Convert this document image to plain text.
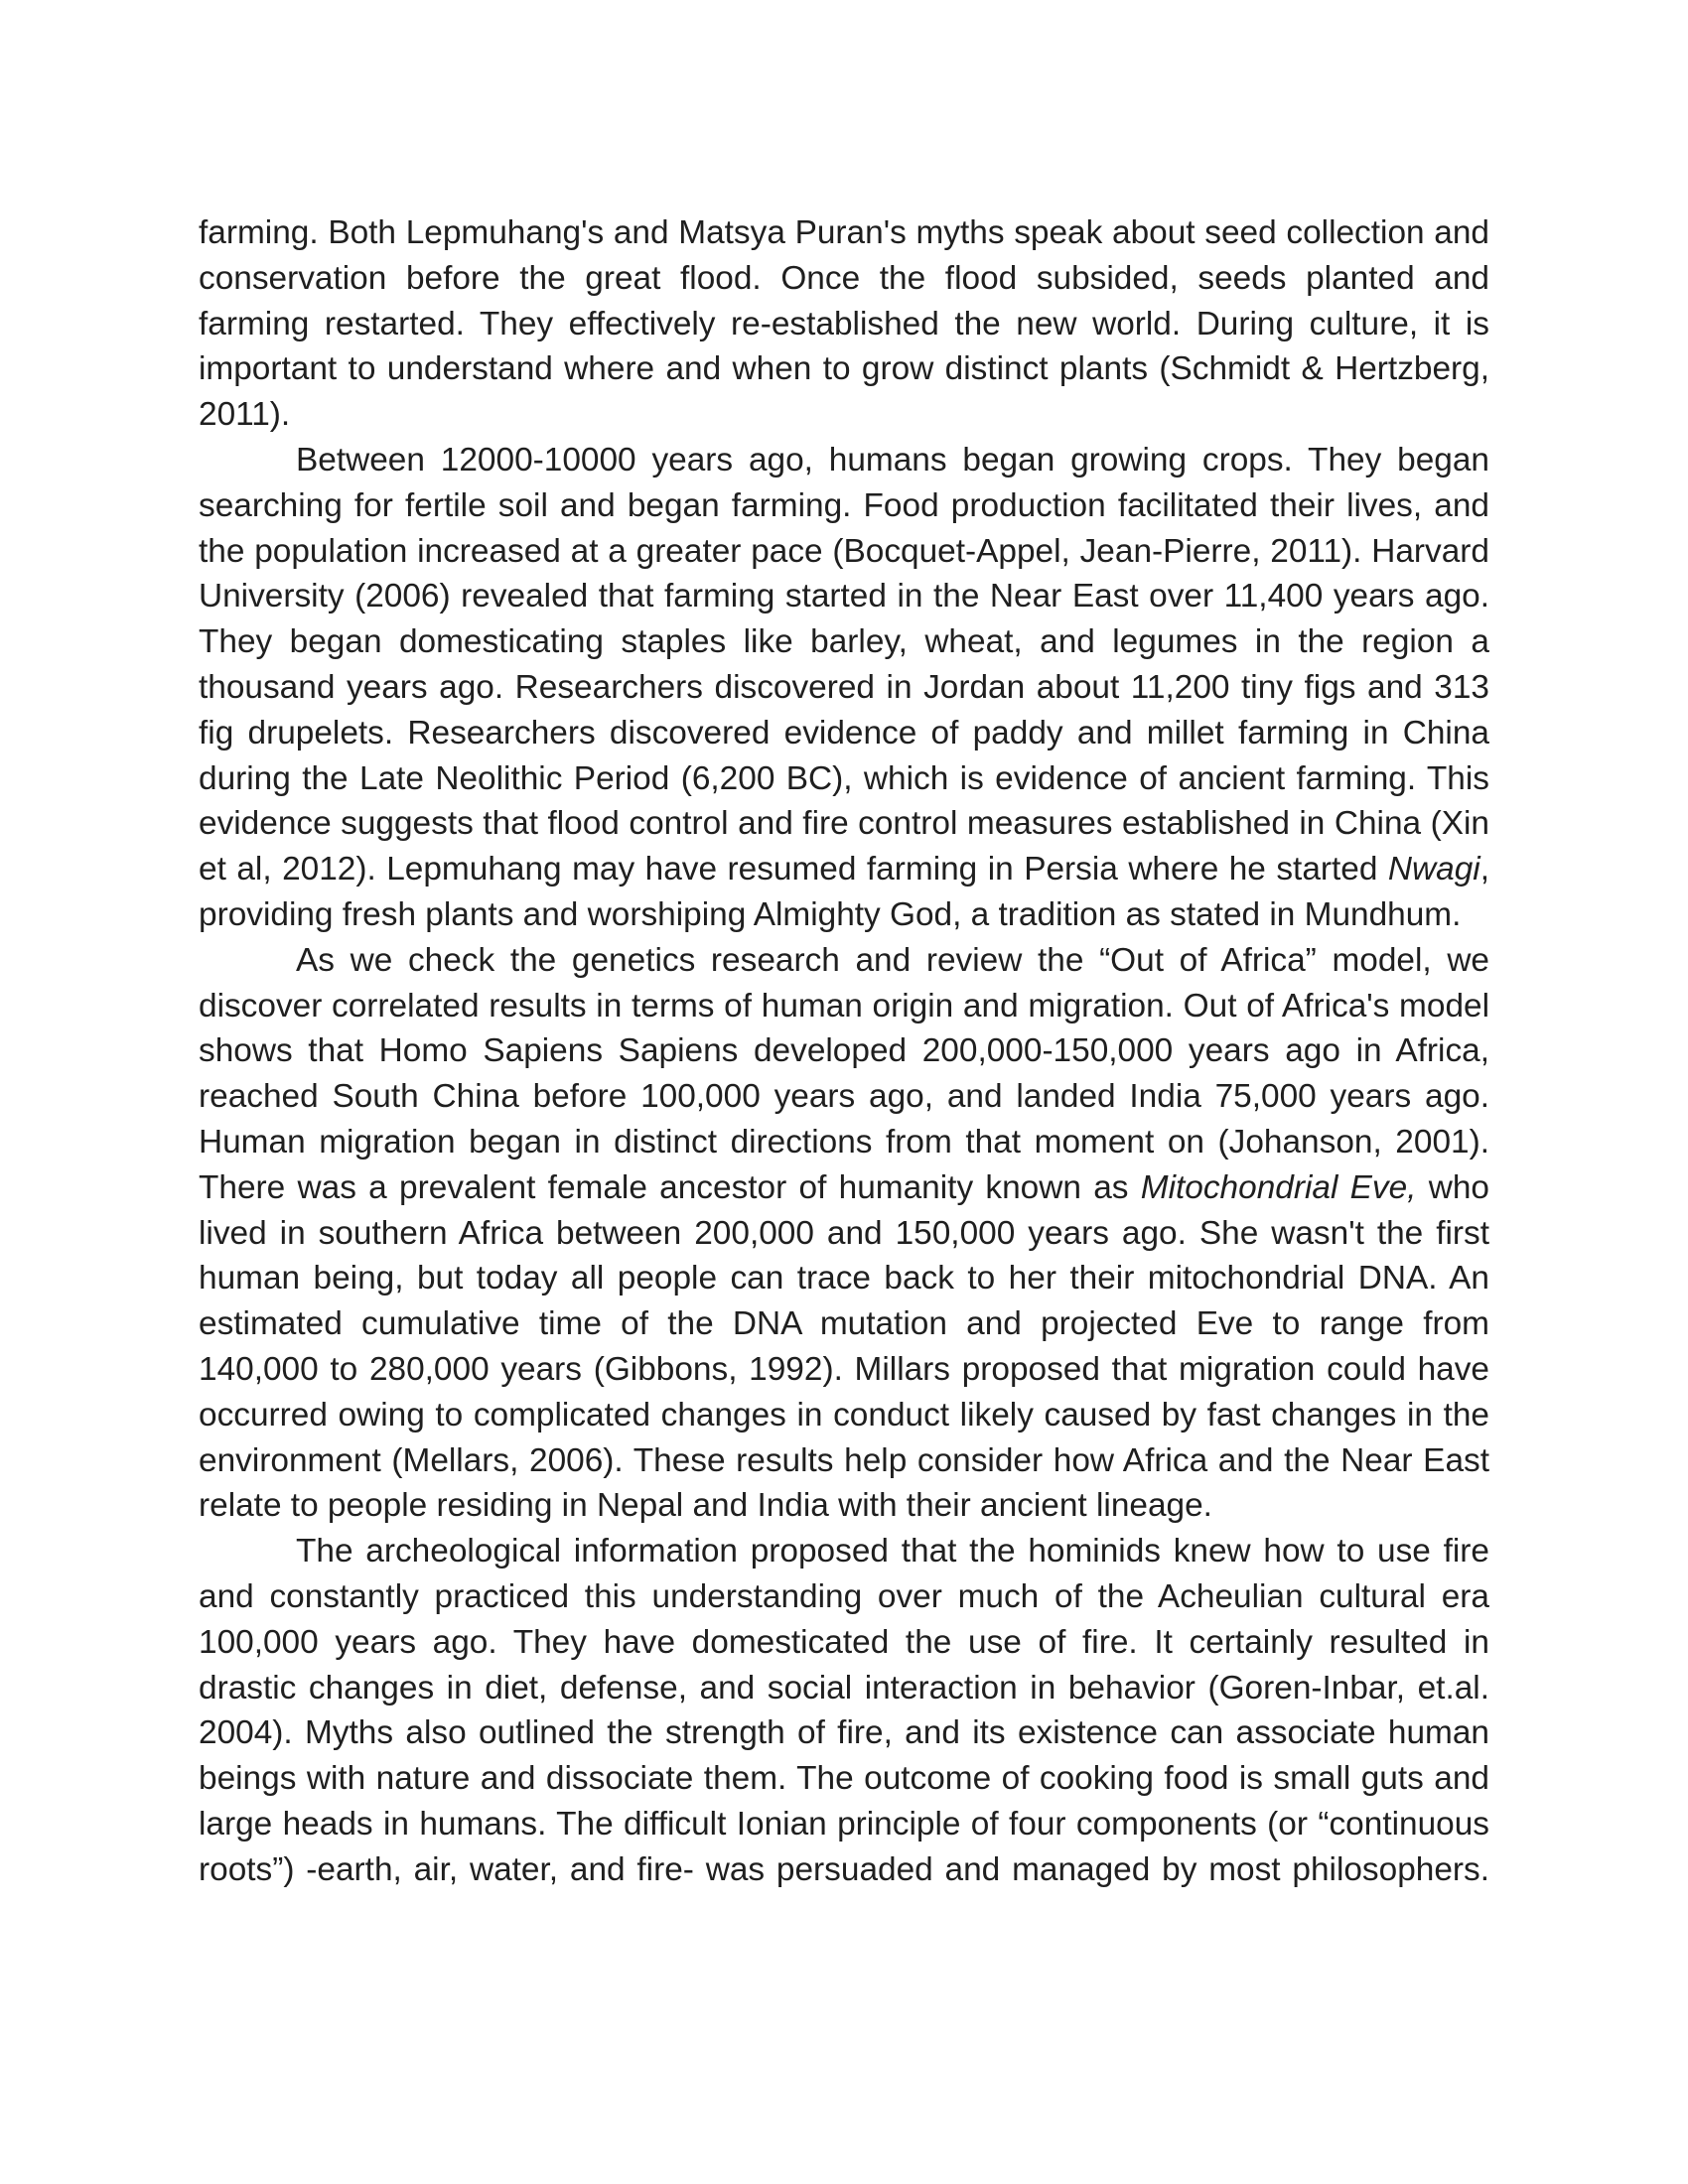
farming. Both Lepmuhang's and Matsya Puran's myths speak about seed collection and conservation before the great flood. Once the flood subsided, seeds planted and farming restarted. They effectively re-established the new world. During culture, it is important to understand where and when to grow distinct plants (Schmidt & Hertzberg, 2011).

Between 12000-10000 years ago, humans began growing crops. They began searching for fertile soil and began farming. Food production facilitated their lives, and the population increased at a greater pace (Bocquet-Appel, Jean-Pierre, 2011). Harvard University (2006) revealed that farming started in the Near East over 11,400 years ago. They began domesticating staples like barley, wheat, and legumes in the region a thousand years ago. Researchers discovered in Jordan about 11,200 tiny figs and 313 fig drupelets. Researchers discovered evidence of paddy and millet farming in China during the Late Neolithic Period (6,200 BC), which is evidence of ancient farming. This evidence suggests that flood control and fire control measures established in China (Xin et al, 2012). Lepmuhang may have resumed farming in Persia where he started Nwagi, providing fresh plants and worshiping Almighty God, a tradition as stated in Mundhum.

As we check the genetics research and review the “Out of Africa” model, we discover correlated results in terms of human origin and migration. Out of Africa's model shows that Homo Sapiens Sapiens developed 200,000-150,000 years ago in Africa, reached South China before 100,000 years ago, and landed India 75,000 years ago. Human migration began in distinct directions from that moment on (Johanson, 2001). There was a prevalent female ancestor of humanity known as Mitochondrial Eve, who lived in southern Africa between 200,000 and 150,000 years ago. She wasn't the first human being, but today all people can trace back to her their mitochondrial DNA. An estimated cumulative time of the DNA mutation and projected Eve to range from 140,000 to 280,000 years (Gibbons, 1992). Millars proposed that migration could have occurred owing to complicated changes in conduct likely caused by fast changes in the environment (Mellars, 2006). These results help consider how Africa and the Near East relate to people residing in Nepal and India with their ancient lineage.

The archeological information proposed that the hominids knew how to use fire and constantly practiced this understanding over much of the Acheulian cultural era 100,000 years ago. They have domesticated the use of fire. It certainly resulted in drastic changes in diet, defense, and social interaction in behavior (Goren-Inbar, et.al. 2004). Myths also outlined the strength of fire, and its existence can associate human beings with nature and dissociate them. The outcome of cooking food is small guts and large heads in humans. The difficult Ionian principle of four components (or “continuous roots”) -earth, air, water, and fire- was persuaded and managed by most philosophers.
